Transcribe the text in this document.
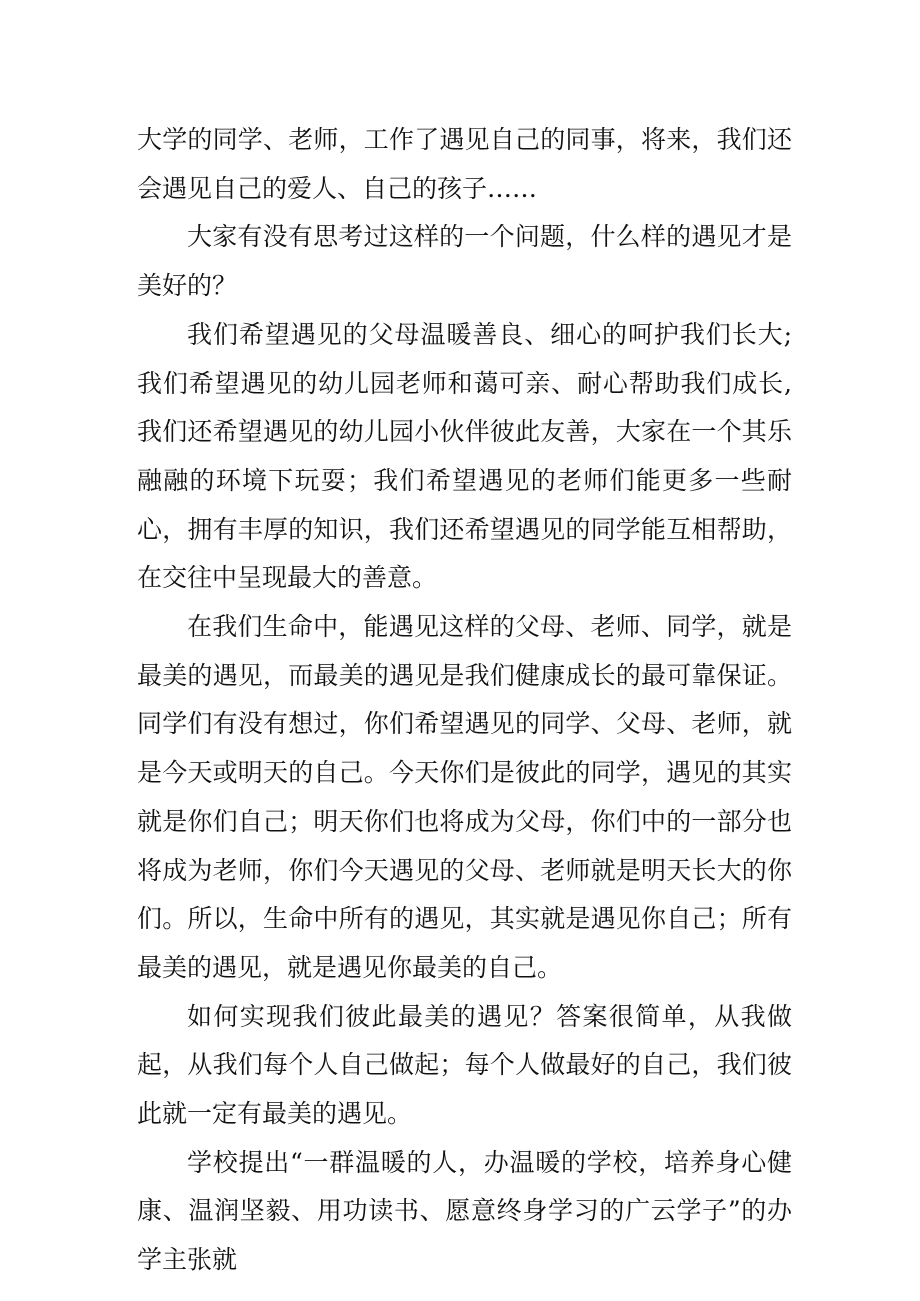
大学的同学、老师，工作了遇见自己的同事，将来，我们还会遇见自己的爱人、自己的孩子……

大家有没有思考过这样的一个问题，什么样的遇见才是美好的？

我们希望遇见的父母温暖善良、细心的呵护我们长大;我们希望遇见的幼儿园老师和蔼可亲、耐心帮助我们成长,我们还希望遇见的幼儿园小伙伴彼此友善，大家在一个其乐融融的环境下玩耍；我们希望遇见的老师们能更多一些耐心，拥有丰厚的知识，我们还希望遇见的同学能互相帮助，在交往中呈现最大的善意。

在我们生命中，能遇见这样的父母、老师、同学，就是最美的遇见，而最美的遇见是我们健康成长的最可靠保证。同学们有没有想过，你们希望遇见的同学、父母、老师，就是今天或明天的自己。今天你们是彼此的同学，遇见的其实就是你们自己；明天你们也将成为父母，你们中的一部分也将成为老师，你们今天遇见的父母、老师就是明天长大的你们。所以，生命中所有的遇见，其实就是遇见你自己；所有最美的遇见，就是遇见你最美的自己。

如何实现我们彼此最美的遇见？答案很简单，从我做起，从我们每个人自己做起；每个人做最好的自己，我们彼此就一定有最美的遇见。

学校提出“一群温暖的人，办温暖的学校，培养身心健康、温润坚毅、用功读书、愿意终身学习的广云学子”的办学主张就
